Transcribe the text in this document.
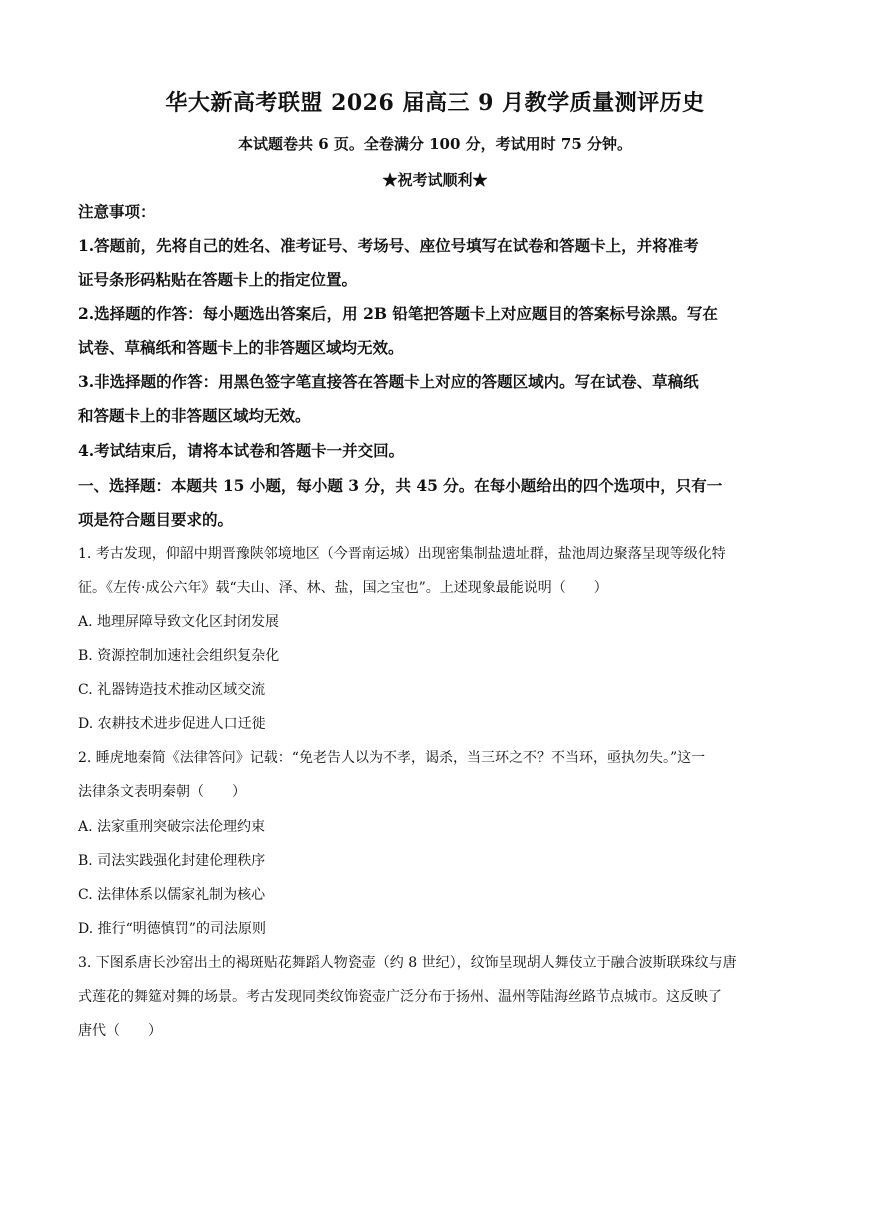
华大新高考联盟 2026 届高三 9 月教学质量测评历史
本试题卷共 6 页。全卷满分 100 分，考试用时 75 分钟。
★祝考试顺利★
注意事项：
1.答题前，先将自己的姓名、准考证号、考场号、座位号填写在试卷和答题卡上，并将准考
证号条形码粘贴在答题卡上的指定位置。
2.选择题的作答：每小题选出答案后，用 2B 铅笔把答题卡上对应题目的答案标号涂黑。写在
试卷、草稿纸和答题卡上的非答题区域均无效。
3.非选择题的作答：用黑色签字笔直接答在答题卡上对应的答题区域内。写在试卷、草稿纸
和答题卡上的非答题区域均无效。
4.考试结束后，请将本试卷和答题卡一并交回。
一、选择题：本题共 15 小题，每小题 3 分，共 45 分。在每小题给出的四个选项中，只有一
项是符合题目要求的。
1. 考古发现，仰韶中期晋豫陕邻境地区（今晋南运城）出现密集制盐遗址群，盐池周边聚落呈现等级化特
征。《左传·成公六年》载“夫山、泽、林、盐，国之宝也”。上述现象最能说明（　　）
A. 地理屏障导致文化区封闭发展
B. 资源控制加速社会组织复杂化
C. 礼器铸造技术推动区域交流
D. 农耕技术进步促进人口迁徙
2. 睡虎地秦简《法律答问》记载：“免老告人以为不孝，谒杀，当三环之不？不当环，亟执勿失。”这一
法律条文表明秦朝（　　）
A. 法家重刑突破宗法伦理约束
B. 司法实践强化封建伦理秩序
C. 法律体系以儒家礼制为核心
D. 推行“明德慎罚”的司法原则
3. 下图系唐长沙窑出土的褐斑贴花舞蹈人物瓷壶（约 8 世纪），纹饰呈现胡人舞伎立于融合波斯联珠纹与唐
式莲花的舞筵对舞的场景。考古发现同类纹饰瓷壶广泛分布于扬州、温州等陆海丝路节点城市。这反映了
唐代（　　）
